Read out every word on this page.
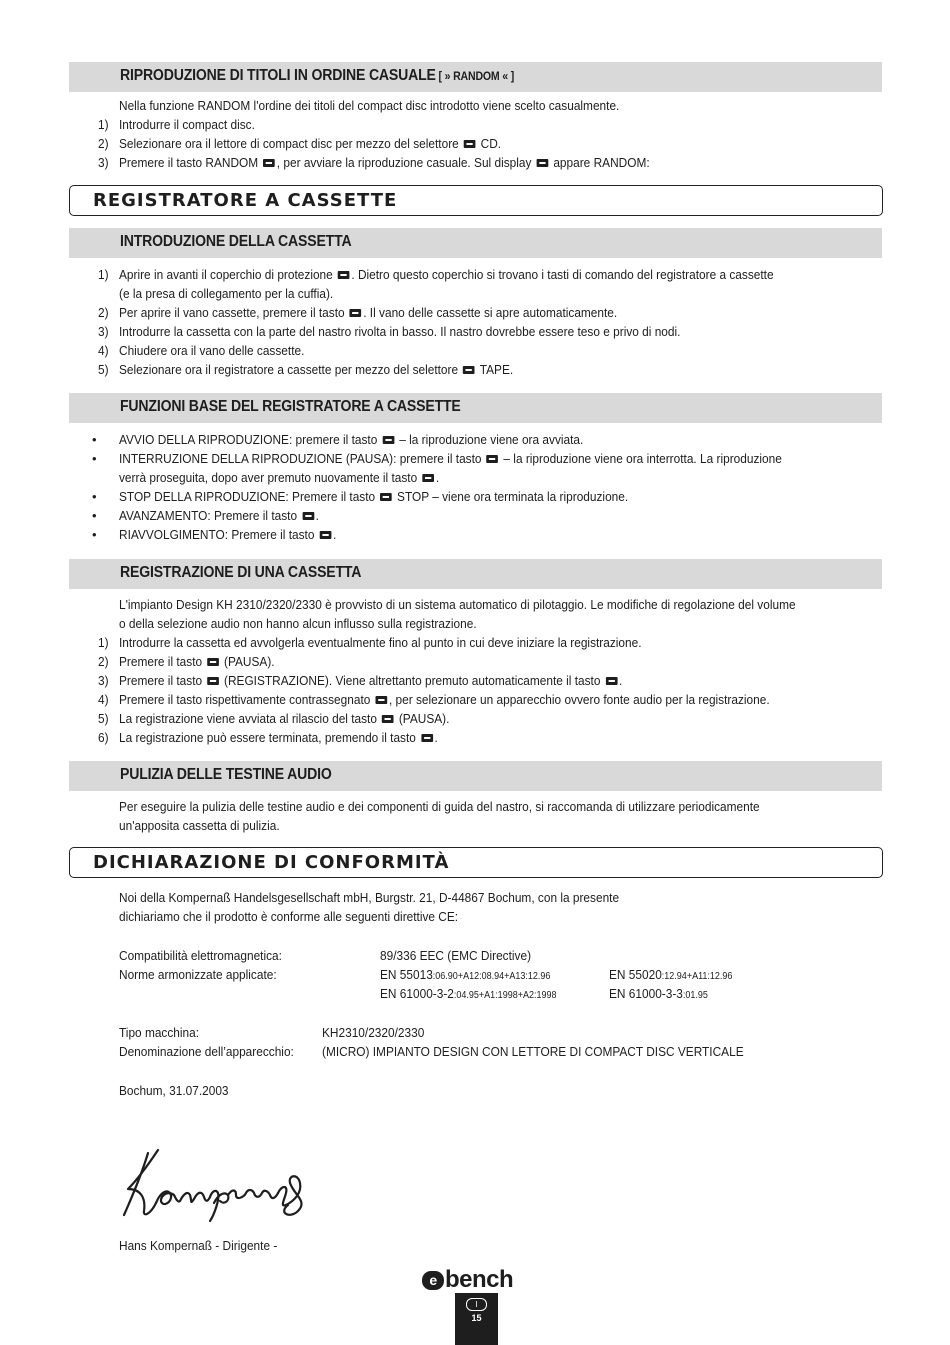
RIPRODUZIONE DI TITOLI IN ORDINE CASUALE [ » RANDOM « ]
Nella funzione RANDOM l'ordine dei titoli del compact disc introdotto viene scelto casualmente.
1) Introdurre il compact disc.
2) Selezionare ora il lettore di compact disc per mezzo del selettore  CD.
3) Premere il tasto RANDOM , per avviare la riproduzione casuale. Sul display  appare RANDOM:
REGISTRATORE A CASSETTE
INTRODUZIONE DELLA CASSETTA
1) Aprire in avanti il coperchio di protezione . Dietro questo coperchio si trovano i tasti di comando del registratore a cassette
(e la presa di collegamento per la cuffia).
2) Per aprire il vano cassette, premere il tasto . Il vano delle cassette si apre automaticamente.
3) Introdurre la cassetta con la parte del nastro rivolta in basso. Il nastro dovrebbe essere teso e privo di nodi.
4) Chiudere ora il vano delle cassette.
5) Selezionare ora il registratore a cassette per mezzo del selettore  TAPE.
FUNZIONI BASE DEL REGISTRATORE A CASSETTE
• AVVIO DELLA RIPRODUZIONE: premere il tasto  – la riproduzione viene ora avviata.
• INTERRUZIONE DELLA RIPRODUZIONE (PAUSA): premere il tasto  – la riproduzione viene ora interrotta. La riproduzione
verrà proseguita, dopo aver premuto nuovamente il tasto .
• STOP DELLA RIPRODUZIONE: Premere il tasto  STOP – viene ora terminata la riproduzione.
• AVANZAMENTO: Premere il tasto .
• RIAVVOLGIMENTO: Premere il tasto .
REGISTRAZIONE DI UNA CASSETTA
L'impianto Design KH 2310/2320/2330 è provvisto di un sistema automatico di pilotaggio. Le modifiche di regolazione del volume
o della selezione audio non hanno alcun influsso sulla registrazione.
1) Introdurre la cassetta ed avvolgerla eventualmente fino al punto in cui deve iniziare la registrazione.
2) Premere il tasto  (PAUSA).
3) Premere il tasto  (REGISTRAZIONE). Viene altrettanto premuto automaticamente il tasto .
4) Premere il tasto rispettivamente contrassegnato , per selezionare un apparecchio ovvero fonte audio per la registrazione.
5) La registrazione viene avviata al rilascio del tasto  (PAUSA).
6) La registrazione può essere terminata, premendo il tasto .
PULIZIA DELLE TESTINE AUDIO
Per eseguire la pulizia delle testine audio e dei componenti di guida del nastro, si raccomanda di utilizzare periodicamente
un'apposita cassetta di pulizia.
DICHIARAZIONE DI CONFORMITÀ
Noi della Kompernaß Handelsgesellschaft mbH, Burgstr. 21, D-44867 Bochum, con la presente
dichiariamo che il prodotto è conforme alle seguenti direttive CE:
Compatibilità elettromagnetica:	89/336 EEC (EMC Directive)
Norme armonizzate applicate:	EN 55013:06.90+A12:08.94+A13:12.96	EN 55020:12.94+A11:12.96
EN 61000-3-2:04.95+A1:1998+A2:1998	EN 61000-3-3:01.95
Tipo macchina:	KH2310/2320/2330
Denominazione dell’apparecchio: (MICRO) IMPIANTO DESIGN CON LETTORE DI COMPACT DISC VERTICALE
Bochum, 31.07.2003
Hans Kompernaß - Dirigente -
e bench
I
15
